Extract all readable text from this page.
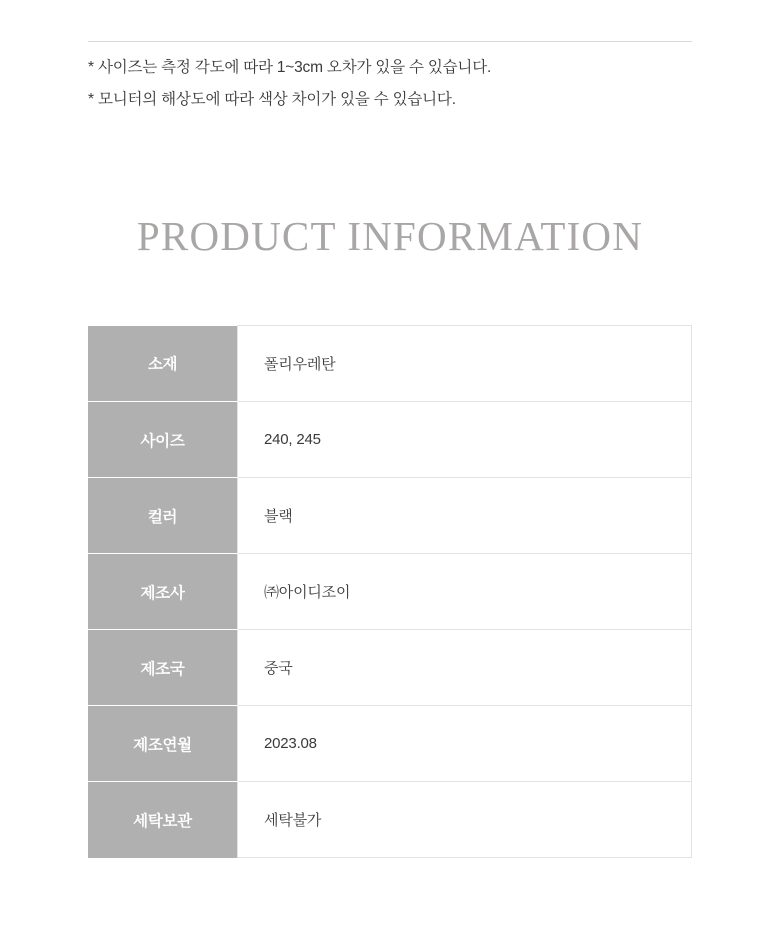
* 사이즈는 측정 각도에 따라 1~3cm 오차가 있을 수 있습니다.
* 모니터의 해상도에 따라 색상 차이가 있을 수 있습니다.
PRODUCT INFORMATION
소재	폴리우레탄
사이즈	240, 245
컬러	블랙
제조사	㈜아이디조이
제조국	중국
제조연월	2023.08
세탁보관	세탁불가
